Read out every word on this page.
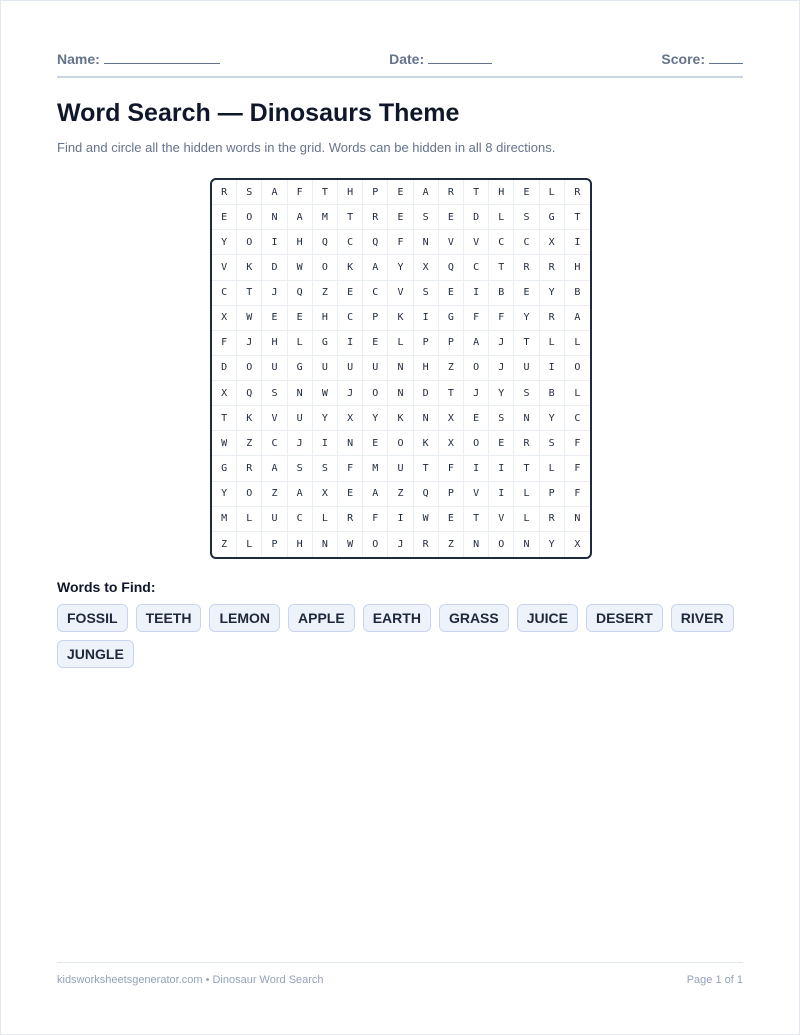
Name:	Date:	Score:
Word Search — Dinosaurs Theme
Find and circle all the hidden words in the grid. Words can be hidden in all 8 directions.
R	S	A	F	T	H	P	E	A	R	T	H	E	L	R
E	O	N	A	M	T	R	E	S	E	D	L	S	G	T
Y	O	I	H	Q	C	Q	F	N	V	V	C	C	X	I
V	K	D	W	O	K	A	Y	X	Q	C	T	R	R	H
C	T	J	Q	Z	E	C	V	S	E	I	B	E	Y	B
X	W	E	E	H	C	P	K	I	G	F	F	Y	R	A
F	J	H	L	G	I	E	L	P	P	A	J	T	L	L
D	O	U	G	U	U	U	N	H	Z	O	J	U	I	O
X	Q	S	N	W	J	O	N	D	T	J	Y	S	B	L
T	K	V	U	Y	X	Y	K	N	X	E	S	N	Y	C
W	Z	C	J	I	N	E	O	K	X	O	E	R	S	F
G	R	A	S	S	F	M	U	T	F	I	I	T	L	F
Y	O	Z	A	X	E	A	Z	Q	P	V	I	L	P	F
M	L	U	C	L	R	F	I	W	E	T	V	L	R	N
Z	L	P	H	N	W	O	J	R	Z	N	O	N	Y	X
Words to Find:
FOSSIL	TEETH	LEMON	APPLE	EARTH	GRASS	JUICE	DESERT	RIVER
JUNGLE
kidsworksheetsgenerator.com • Dinosaur Word Search	Page 1 of 1
